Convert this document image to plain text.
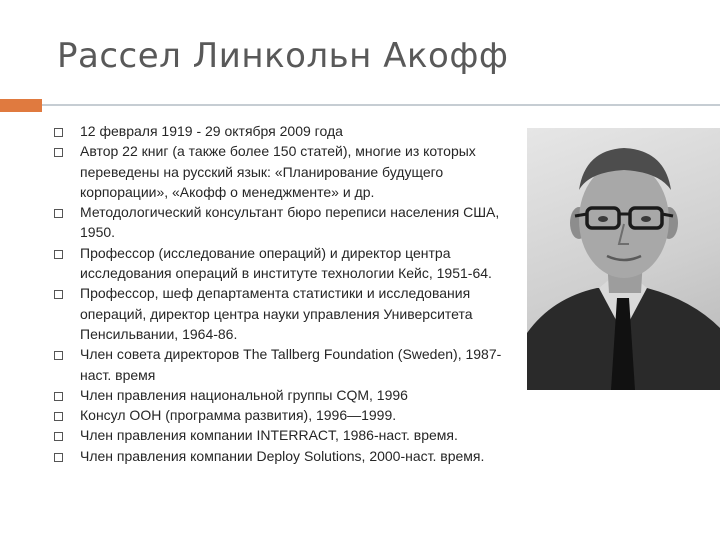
Рассел Линкольн Акофф
12 февраля 1919 - 29 октября 2009 года
Автор 22 книг (а также более 150 статей), многие из которых переведены на русский язык: «Планирование будущего корпорации», «Акофф о менеджменте» и др.
Методологический консультант бюро переписи населения США, 1950.
Профессор (исследование операций) и директор центра исследования операций в институте технологии Кейс, 1951-64.
Профессор, шеф департамента статистики и исследования операций, директор центра науки управления Университета Пенсильвании, 1964-86.
Член совета директоров The Tallberg Foundation (Sweden), 1987-наст. время
Член правления национальной группы CQM, 1996
Консул ООН (программа развития), 1996—1999.
Член правления компании INTERRACT, 1986-наст. время.
Член правления компании Deploy Solutions, 2000-наст. время.
